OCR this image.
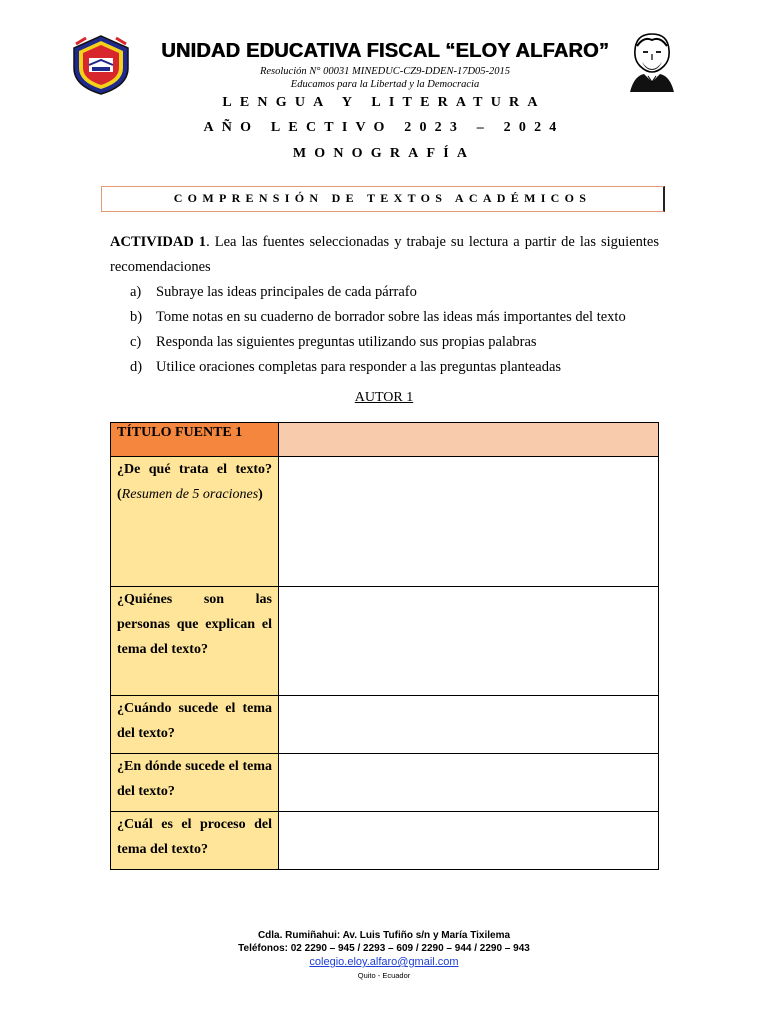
UNIDAD EDUCATIVA FISCAL “ELOY ALFARO”
Resolución N° 00031 MINEDUC-CZ9-DDEN-17D05-2015
Educamos para la Libertad y la Democracia
LENGUA Y LITERATURA
AÑO LECTIVO 2023 – 2024
MONOGRAFÍA
COMPRENSIÓN DE TEXTOS ACADÉMICOS
ACTIVIDAD 1. Lea las fuentes seleccionadas y trabaje su lectura a partir de las siguientes recomendaciones
a) Subraye las ideas principales de cada párrafo
b) Tome notas en su cuaderno de borrador sobre las ideas más importantes del texto
c) Responda las siguientes preguntas utilizando sus propias palabras
d) Utilice oraciones completas para responder a las preguntas planteadas
AUTOR 1
TÍTULO FUENTE 1	
¿De qué trata el texto? (Resumen de 5 oraciones)	
¿Quiénes son las personas que explican el tema del texto?	
¿Cuándo sucede el tema del texto?	
¿En dónde sucede el tema del texto?	
¿Cuál es el proceso del tema del texto?	
Cdla. Rumiñahui: Av. Luis Tufiño s/n y María Tixilema
Teléfonos: 02 2290 – 945 / 2293 – 609 / 2290 – 944 / 2290 – 943
colegio.eloy.alfaro@gmail.com
Quito - Ecuador
